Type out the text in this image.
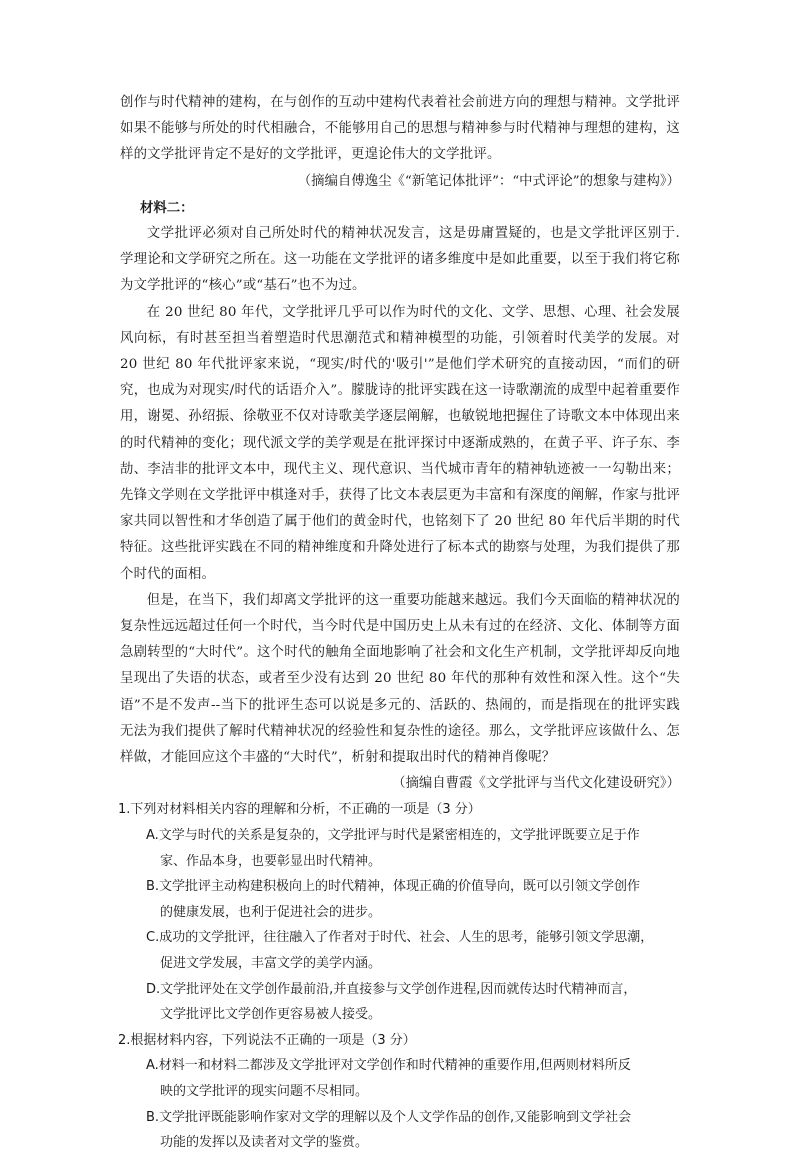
创作与时代精神的建构，在与创作的互动中建构代表着社会前进方向的理想与精神。文学批评如果不能够与所处的时代相融合，不能够用自己的思想与精神参与时代精神与理想的建构，这样的文学批评肯定不是好的文学批评，更遑论伟大的文学批评。

（摘编自傅逸尘《“新笔记体批评”：“中式评论”的想象与建构》）

材料二：

文学批评必须对自己所处时代的精神状况发言，这是毋庸置疑的，也是文学批评区别于.学理论和文学研究之所在。这一功能在文学批评的诸多维度中是如此重要，以至于我们将它称为文学批评的“核心”或“基石”也不为过。

在 20 世纪 80 年代，文学批评几乎可以作为时代的文化、文学、思想、心理、社会发展风向标，有时甚至担当着塑造时代思潮范式和精神模型的功能，引领着时代美学的发展。对 20 世纪 80 年代批评家来说，“现实/时代的'吸引'”是他们学术研究的直接动因，“而们的研究，也成为对现实/时代的话语介入”。朦胧诗的批评实践在这一诗歌潮流的成型中起着重要作用，谢冕、孙绍振、徐敬亚不仅对诗歌美学逐层阐解，也敏锐地把握住了诗歌文本中体现出来的时代精神的变化；现代派文学的美学观是在批评探讨中逐渐成熟的，在黄子平、许子东、李劼、李洁非的批评文本中，现代主义、现代意识、当代城市青年的精神轨迹被一一勾勒出来；先锋文学则在文学批评中棋逢对手，获得了比文本表层更为丰富和有深度的阐解，作家与批评家共同以智性和才华创造了属于他们的黄金时代，也铭刻下了 20 世纪 80 年代后半期的时代特征。这些批评实践在不同的精神维度和升降处进行了标本式的勘察与处理，为我们提供了那个时代的面相。

但是，在当下，我们却离文学批评的这一重要功能越来越远。我们今天面临的精神状况的复杂性远远超过任何一个时代，当今时代是中国历史上从未有过的在经济、文化、体制等方面急剧转型的“大时代”。这个时代的触角全面地影响了社会和文化生产机制，文学批评却反向地呈现出了失语的状态，或者至少没有达到 20 世纪 80 年代的那种有效性和深入性。这个“失语”不是不发声--当下的批评生态可以说是多元的、活跃的、热闹的，而是指现在的批评实践无法为我们提供了解时代精神状况的经验性和复杂性的途径。那么，文学批评应该做什么、怎样做，才能回应这个丰盛的“大时代”，析射和提取出时代的精神肖像呢？

（摘编自曹霞《文学批评与当代文化建设研究》）

1.下列对材料相关内容的理解和分析，不正确的一项是（3 分）

A.文学与时代的关系是复杂的，文学批评与时代是紧密相连的，文学批评既要立足于作
家、作品本身，也要彰显出时代精神。

B.文学批评主动构建积极向上的时代精神，体现正确的价值导向，既可以引领文学创作
的健康发展，也利于促进社会的进步。

C.成功的文学批评，往往融入了作者对于时代、社会、人生的思考，能够引领文学思潮，
促进文学发展，丰富文学的美学内涵。

D.文学批评处在文学创作最前沿,并直接参与文学创作进程,因而就传达时代精神而言，
文学批评比文学创作更容易被人接受。

2.根据材料内容，下列说法不正确的一项是（3 分）

A.材料一和材料二都涉及文学批评对文学创作和时代精神的重要作用,但两则材料所反
映的文学批评的现实问题不尽相同。

B.文学批评既能影响作家对文学的理解以及个人文学作品的创作,又能影响到文学社会
功能的发挥以及读者对文学的鉴赏。
